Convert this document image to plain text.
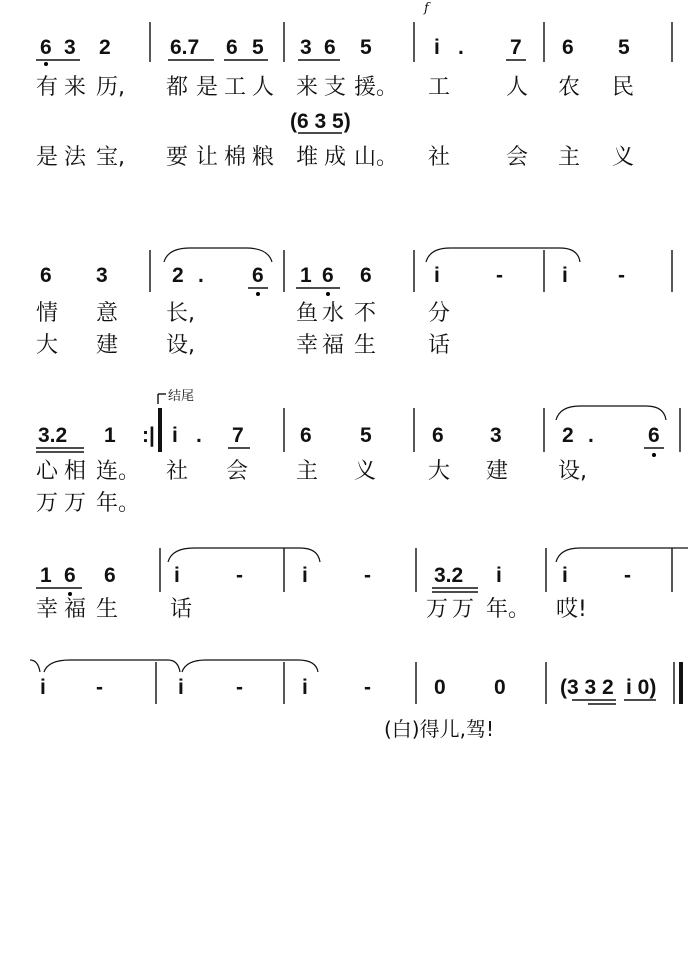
f
6 3 2	6.7 6 5 3 6 5	i . 7 6 5
有 来 历, 都 是 工 人 来 支 援。 工	人 农 民
(6 3 5)
是 法 宝, 要 让 棉 粮 堆 成 山。 社	会 主 义
6 3	2 . 6 1 6 6	i	-	i -
情 意 长,	鱼 水 不 分
大 建 设,	幸 福 生 话
结尾
3.2 1 :| i . 7	6 5	6 3	2 .	6
心 相 连。 社 会 主 义 大 建 设,
万 万 年。
1 6 6	i	-	i	-	3.2 i	i	-
幸 福 生 话	万 万 年。 哎!
i -	i -	i	-	0 0	(3 3 2 i 0)
(白)得儿,驾!
